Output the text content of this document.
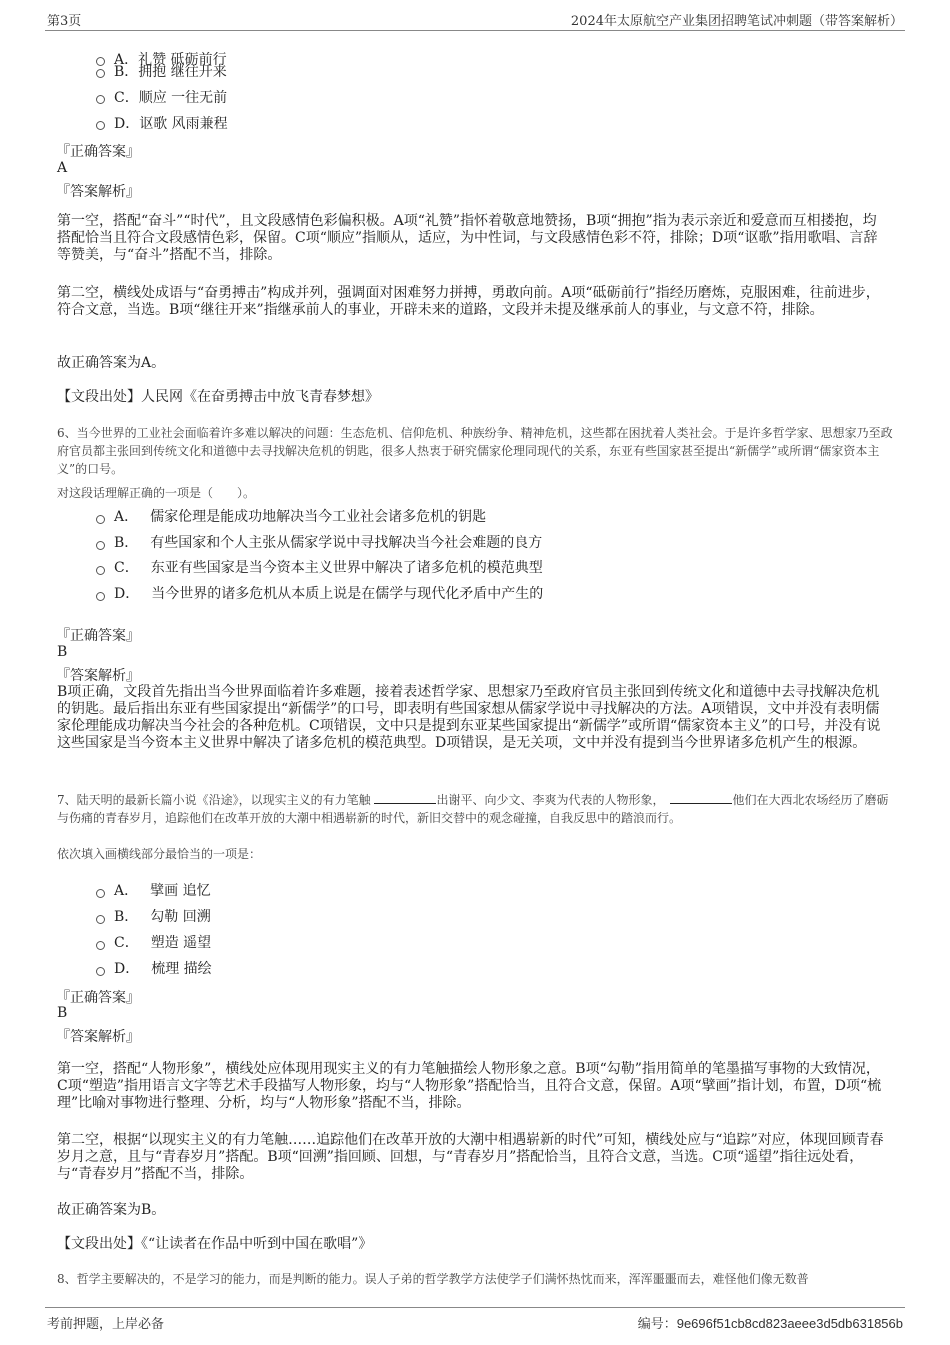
第3页	2024年太原航空产业集团招聘笔试冲刺题（带答案解析）
A．礼赞 砥砺前行
B．拥抱 继往开来
C．顺应 一往无前
D．讴歌 风雨兼程
『正确答案』
A
『答案解析』
第一空，搭配“奋斗”“时代”，且文段感情色彩偏积极。A项“礼赞”指怀着敬意地赞扬，B项“拥抱”指为表示亲近和爱意而互相搂抱，均搭配恰当且符合文段感情色彩，保留。C项“顺应”指顺从，适应，为中性词，与文段感情色彩不符，排除；D项“讴歌”指用歌唱、言辞等赞美，与“奋斗”搭配不当，排除。
第二空，横线处成语与“奋勇搏击”构成并列，强调面对困难努力拼搏，勇敢向前。A项“砥砺前行”指经历磨炼，克服困难，往前进步，符合文意，当选。B项“继往开来”指继承前人的事业，开辟未来的道路，文段并未提及继承前人的事业，与文意不符，排除。
故正确答案为A。
【文段出处】人民网《在奋勇搏击中放飞青春梦想》
6、当今世界的工业社会面临着许多难以解决的问题：生态危机、信仰危机、种族纷争、精神危机，这些都在困扰着人类社会。于是许多哲学家、思想家乃至政府官员都主张回到传统文化和道德中去寻找解决危机的钥匙，很多人热衷于研究儒家伦理同现代的关系，东亚有些国家甚至提出“新儒学”或所谓“儒家资本主义”的口号。
对这段话理解正确的一项是（　　）。
A． 儒家伦理是能成功地解决当今工业社会诸多危机的钥匙
B． 有些国家和个人主张从儒家学说中寻找解决当今社会难题的良方
C． 东亚有些国家是当今资本主义世界中解决了诸多危机的模范典型
D． 当今世界的诸多危机从本质上说是在儒学与现代化矛盾中产生的
『正确答案』
B
『答案解析』
B项正确，文段首先指出当今世界面临着许多难题，接着表述哲学家、思想家乃至政府官员主张回到传统文化和道德中去寻找解决危机的钥匙。最后指出东亚有些国家提出“新儒学”的口号，即表明有些国家想从儒家学说中寻找解决的方法。A项错误，文中并没有表明儒家伦理能成功解决当今社会的各种危机。C项错误，文中只是提到东亚某些国家提出“新儒学”或所谓“儒家资本主义”的口号，并没有说这些国家是当今资本主义世界中解决了诸多危机的模范典型。D项错误，是无关项，文中并没有提到当今世界诸多危机产生的根源。
7、陆天明的最新长篇小说《沿途》，以现实主义的有力笔触	出谢平、向少文、李爽为代表的人物形象，	他们在大西北农场经历了磨砺与伤痛的青春岁月，追踪他们在改革开放的大潮中相遇崭新的时代，新旧交替中的观念碰撞，自我反思中的踏浪而行。
依次填入画横线部分最恰当的一项是：
A． 擘画 追忆
B． 勾勒 回溯
C． 塑造 遥望
D． 梳理 描绘
『正确答案』
B
『答案解析』
第一空，搭配“人物形象”，横线处应体现用现实主义的有力笔触描绘人物形象之意。B项“勾勒”指用简单的笔墨描写事物的大致情况，C项“塑造”指用语言文字等艺术手段描写人物形象，均与“人物形象”搭配恰当，且符合文意，保留。A项“擘画”指计划，布置，D项“梳理”比喻对事物进行整理、分析，均与“人物形象”搭配不当，排除。
第二空，根据“以现实主义的有力笔触……追踪他们在改革开放的大潮中相遇崭新的时代”可知，横线处应与“追踪”对应，体现回顾青春岁月之意，且与“青春岁月”搭配。B项“回溯”指回顾、回想，与“青春岁月”搭配恰当，且符合文意，当选。C项“遥望”指往远处看，与“青春岁月”搭配不当，排除。
故正确答案为B。
【文段出处】《“让读者在作品中听到中国在歌唱”》
8、哲学主要解决的，不是学习的能力，而是判断的能力。误人子弟的哲学教学方法使学子们满怀热忱而来，浑浑噩噩而去，难怪他们像无数普
考前押题，上岸必备	编号：9e696f51cb8cd823aeee3d5db631856b
